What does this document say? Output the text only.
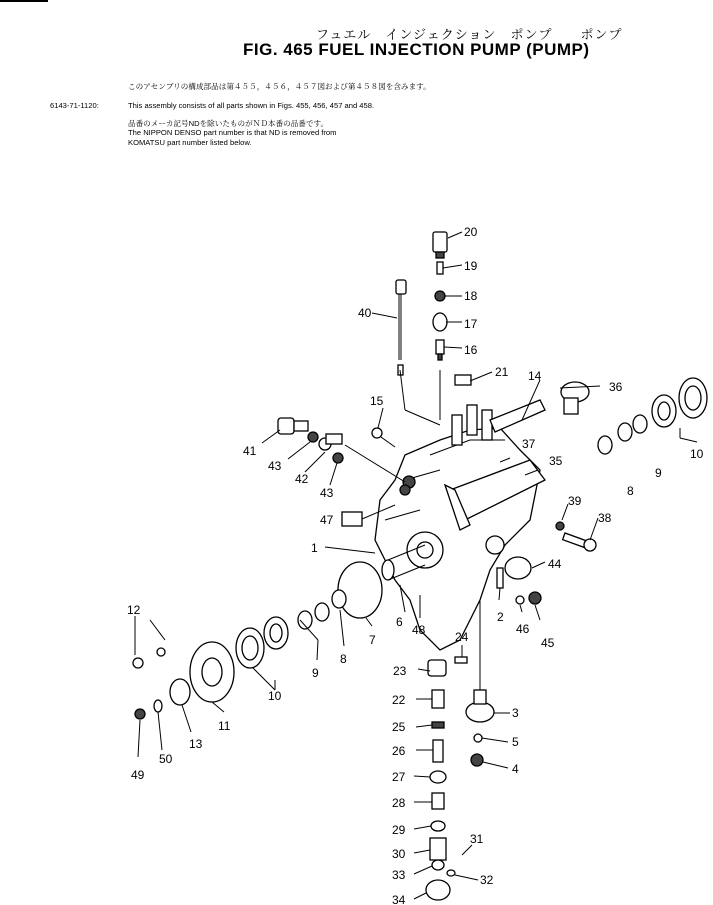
フュエル　インジェクション　ポンプ　　ポンプ
FIG. 465 FUEL INJECTION PUMP (PUMP)
このアセンブリの構成部品は第４５５，４５６，４５７図および第４５８図を含みます。
6143-71-1120:	This assembly consists of all parts shown in Figs. 455, 456, 457 and 458.
品番のメーカ記号NDを除いたものがＮＤ本番の品番です。
The NIPPON DENSO part number is that ND is removed from
KOMATSU part number listed below.
20
19
18
17
16
40
21 14
36
15
41
43
42
43
37
35	10
9
8
39
38
47
1
44
2
46
45
6
48
7
8
9
10
11
12
13
49
50
24
23
22
25
26
27
28
29
30
31
33	32
34
3
5
4
